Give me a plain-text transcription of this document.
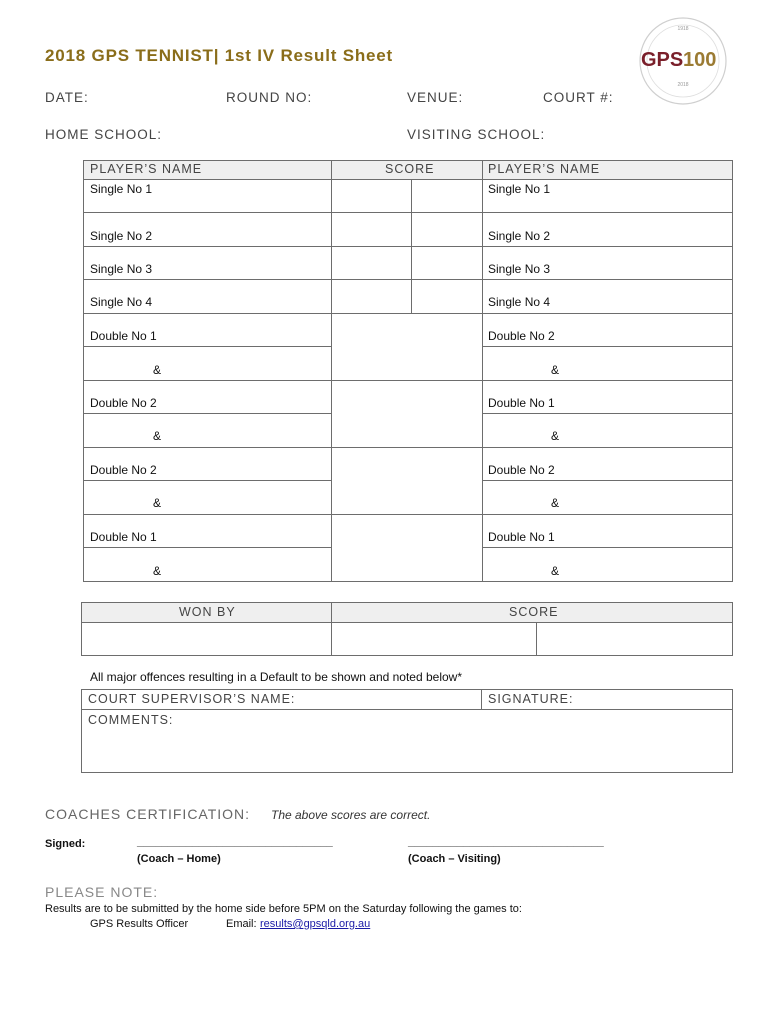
2018 GPS TENNIST| 1st IV Result Sheet
1918
GPS 100
2018
DATE:	ROUND NO:	VENUE:	COURT #:
HOME SCHOOL:	VISITING SCHOOL:
PLAYER’S NAME	SCORE	PLAYER’S NAME
Single No 1	Single No 1
Single No 2	Single No 2
Single No 3	Single No 3
Single No 4	Single No 4
Double No 1	Double No 2
&	&
Double No 2	Double No 1
&	&
Double No 2	Double No 2
&	&
Double No 1	Double No 1
&	&
WON BY	SCORE
All major offences resulting in a Default to be shown and noted below*
COURT SUPERVISOR’S NAME:	SIGNATURE:
COMMENTS:
COACHES CERTIFICATION: The above scores are correct.
Signed:	________________________________	________________________________
(Coach – Home)	(Coach – Visiting)
PLEASE NOTE:
Results are to be submitted by the home side before 5PM on the Saturday following the games to:
GPS Results Officer	Email: results@gpsqld.org.au
